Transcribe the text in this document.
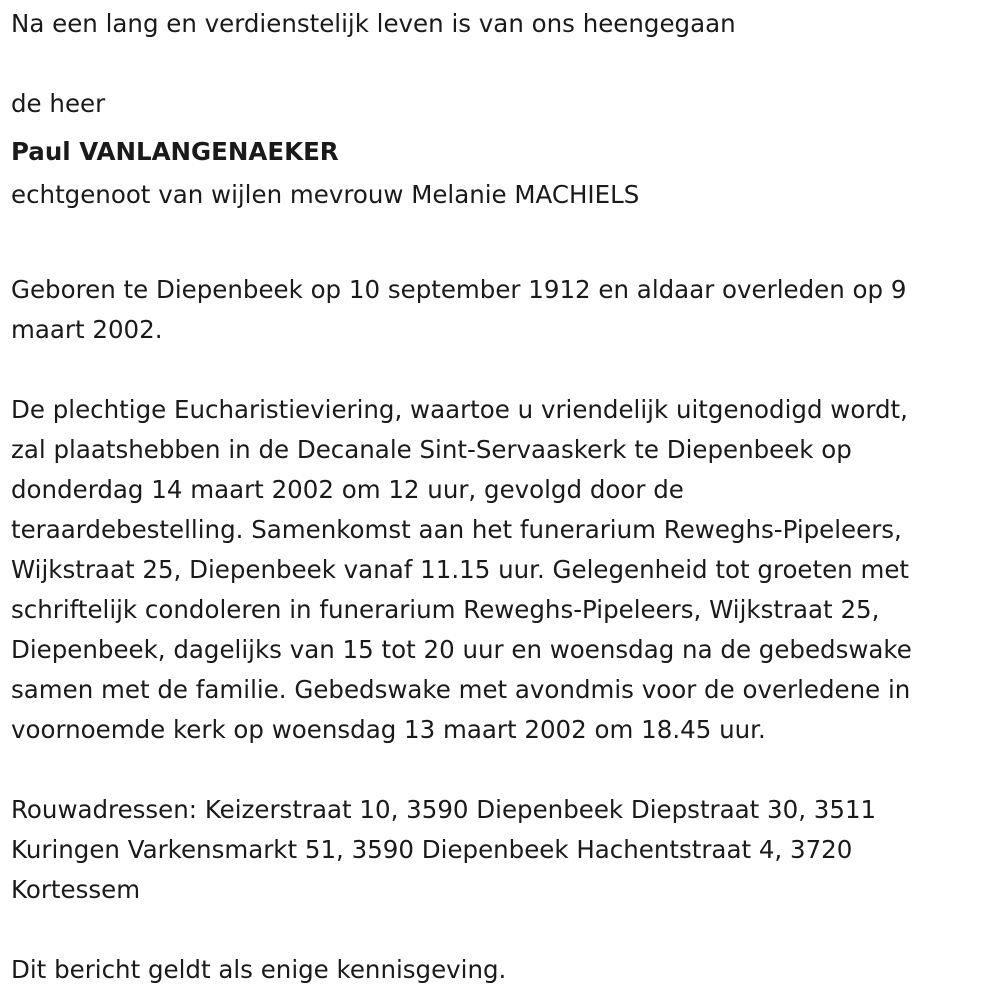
Na een lang en verdienstelijk leven is van ons heengegaan
de heer
Paul VANLANGENAEKER
echtgenoot van wijlen mevrouw Melanie MACHIELS
Geboren te Diepenbeek op 10 september 1912 en aldaar overleden op 9
maart 2002.
De plechtige Eucharistieviering, waartoe u vriendelijk uitgenodigd wordt,
zal plaatshebben in de Decanale Sint-Servaaskerk te Diepenbeek op
donderdag 14 maart 2002 om 12 uur, gevolgd door de
teraardebestelling. Samenkomst aan het funerarium Reweghs-Pipeleers,
Wijkstraat 25, Diepenbeek vanaf 11.15 uur. Gelegenheid tot groeten met
schriftelijk condoleren in funerarium Reweghs-Pipeleers, Wijkstraat 25,
Diepenbeek, dagelijks van 15 tot 20 uur en woensdag na de gebedswake
samen met de familie. Gebedswake met avondmis voor de overledene in
voornoemde kerk op woensdag 13 maart 2002 om 18.45 uur.
Rouwadressen: Keizerstraat 10, 3590 Diepenbeek Diepstraat 30, 3511
Kuringen Varkensmarkt 51, 3590 Diepenbeek Hachentstraat 4, 3720
Kortessem
Dit bericht geldt als enige kennisgeving.
